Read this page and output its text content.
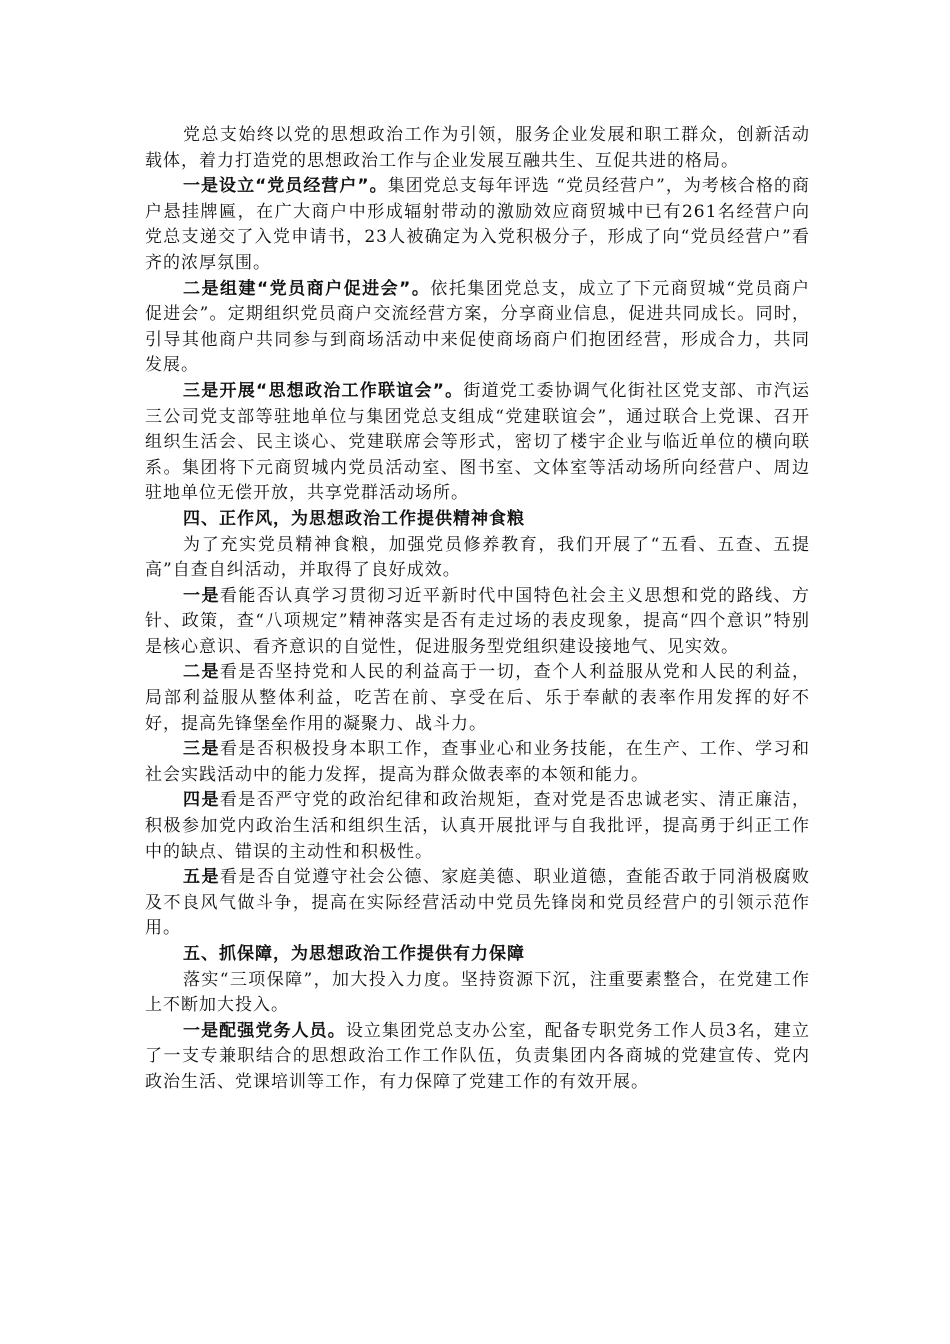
党总支始终以党的思想政治工作为引领，服务企业发展和职工群众，创新活动载体，着力打造党的思想政治工作与企业发展互融共生、互促共进的格局。

一是设立“党员经营户”。集团党总支每年评选 “党员经营户”，为考核合格的商户悬挂牌匾，在广大商户中形成辐射带动的激励效应商贸城中已有261名经营户向党总支递交了入党申请书，23人被确定为入党积极分子，形成了向“党员经营户”看齐的浓厚氛围。

二是组建“党员商户促进会”。依托集团党总支，成立了下元商贸城“党员商户促进会”。定期组织党员商户交流经营方案，分享商业信息，促进共同成长。同时，引导其他商户共同参与到商场活动中来促使商场商户们抱团经营，形成合力，共同发展。

三是开展“思想政治工作联谊会”。街道党工委协调气化街社区党支部、市汽运三公司党支部等驻地单位与集团党总支组成“党建联谊会”，通过联合上党课、召开组织生活会、民主谈心、党建联席会等形式，密切了楼宇企业与临近单位的横向联系。集团将下元商贸城内党员活动室、图书室、文体室等活动场所向经营户、周边驻地单位无偿开放，共享党群活动场所。

四、正作风，为思想政治工作提供精神食粮

为了充实党员精神食粮，加强党员修养教育，我们开展了“五看、五查、五提高”自查自纠活动，并取得了良好成效。

一是看能否认真学习贯彻习近平新时代中国特色社会主义思想和党的路线、方针、政策，查“八项规定”精神落实是否有走过场的表皮现象，提高“四个意识”特别是核心意识、看齐意识的自觉性，促进服务型党组织建设接地气、见实效。

二是看是否坚持党和人民的利益高于一切，查个人利益服从党和人民的利益，局部利益服从整体利益，吃苦在前、享受在后、乐于奉献的表率作用发挥的好不好，提高先锋堡垒作用的凝聚力、战斗力。

三是看是否积极投身本职工作，查事业心和业务技能，在生产、工作、学习和社会实践活动中的能力发挥，提高为群众做表率的本领和能力。

四是看是否严守党的政治纪律和政治规矩，查对党是否忠诚老实、清正廉洁，积极参加党内政治生活和组织生活，认真开展批评与自我批评，提高勇于纠正工作中的缺点、错误的主动性和积极性。

五是看是否自觉遵守社会公德、家庭美德、职业道德，查能否敢于同消极腐败及不良风气做斗争，提高在实际经营活动中党员先锋岗和党员经营户的引领示范作用。

五、抓保障，为思想政治工作提供有力保障

落实“三项保障”，加大投入力度。坚持资源下沉，注重要素整合，在党建工作上不断加大投入。

一是配强党务人员。设立集团党总支办公室，配备专职党务工作人员3名，建立了一支专兼职结合的思想政治工作工作队伍，负责集团内各商城的党建宣传、党内政治生活、党课培训等工作，有力保障了党建工作的有效开展。
